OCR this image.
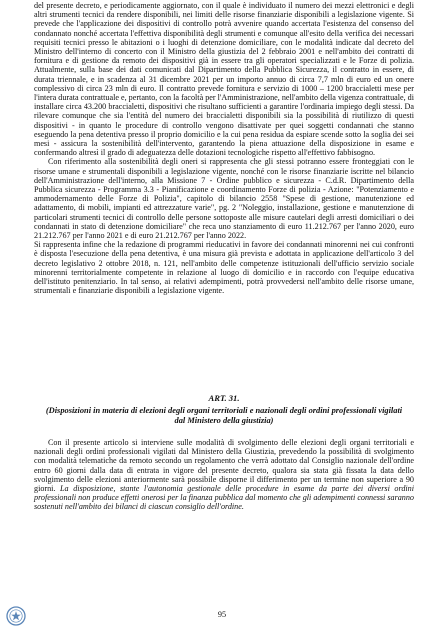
del presente decreto, e periodicamente aggiornato, con il quale è individuato il numero dei mezzi elettronici e degli altri strumenti tecnici da rendere disponibili, nei limiti delle risorse finanziarie disponibili a legislazione vigente. Si prevede che l'applicazione dei dispositivi di controllo potrà avvenire quando accertata l'esistenza del consenso del condannato nonché accertata l'effettiva disponibilità degli strumenti e comunque all'esito della verifica dei necessari requisiti tecnici presso le abitazioni o i luoghi di detenzione domiciliare, con le modalità indicate dal decreto del Ministro dell'interno di concerto con il Ministro della giustizia del 2 febbraio 2001 e nell'ambito dei contratti di fornitura e di gestione da remoto dei dispositivi già in essere tra gli operatori specializzati e le Forze di polizia. Attualmente, sulla base dei dati comunicati dal Dipartimento della Pubblica Sicurezza, il contratto in essere, di durata triennale, e in scadenza al 31 dicembre 2021 per un importo annuo di circa 7,7 mln di euro ed un onere complessivo di circa 23 mln di euro. Il contratto prevede fornitura e servizio di 1000 – 1200 braccialetti mese per l'intera durata contrattuale e, pertanto, con la facoltà per l'Amministrazione, nell'ambito della vigenza contrattuale, di installare circa 43.200 braccialetti, dispositivi che risultano sufficienti a garantire l'ordinaria impiego degli stessi. Da rilevare comunque che sia l'entità del numero dei braccialetti disponibili sia la possibilità di riutilizzo di questi dispositivi - in quanto le procedure di controllo vengono disattivate per quei soggetti condannati che stanno eseguendo la pena detentiva presso il proprio domicilio e la cui pena residua da espiare scende sotto la soglia dei sei mesi - assicura la sostenibilità dell'intervento, garantendo la piena attuazione della disposizione in esame e confermando altresì il grado di adeguatezza delle dotazioni tecnologiche rispetto all'effettivo fabbisogno.

Con riferimento alla sostenibilità degli oneri si rappresenta che gli stessi potranno essere fronteggiati con le risorse umane e strumentali disponibili a legislazione vigente, nonché con le risorse finanziarie iscritte nel bilancio dell'Amministrazione dell'interno, alla Missione 7 - Ordine pubblico e sicurezza - C.d.R. Dipartimento della Pubblica sicurezza - Programma 3.3 - Pianificazione e coordinamento Forze di polizia - Azione: "Potenziamento e ammodernamento delle Forze di Polizia", capitolo di bilancio 2558 "Spese di gestione, manutenzione ed adattamento, di mobili, impianti ed attrezzature varie", pg. 2 "Noleggio, installazione, gestione e manutenzione di particolari strumenti tecnici di controllo delle persone sottoposte alle misure cautelari degli arresti domiciliari o dei condannati in stato di detenzione domiciliare" che reca uno stanziamento di euro 11.212.767 per l'anno 2020, euro 21.212.767 per l'anno 2021 e di euro 21.212.767 per l'anno 2022.

Si rappresenta infine che la redazione di programmi rieducativi in favore dei condannati minorenni nei cui confronti è disposta l'esecuzione della pena detentiva, è una misura già prevista e adottata in applicazione dell'articolo 3 del decreto legislativo 2 ottobre 2018, n. 121, nell'ambito delle competenze istituzionali dell'ufficio servizio sociale minorenni territorialmente competente in relazione al luogo di domicilio e in raccordo con l'equipe educativa dell'istituto penitenziario. In tal senso, ai relativi adempimenti, potrà provvedersi nell'ambito delle risorse umane, strumentali e finanziarie disponibili a legislazione vigente.

ART. 31.

(Disposizioni in materia di elezioni degli organi territoriali e nazionali degli ordini professionali vigilati dal Ministero della giustizia)

Con il presente articolo si interviene sulle modalità di svolgimento delle elezioni degli organi territoriali e nazionali degli ordini professionali vigilati dal Ministero della Giustizia, prevedendo la possibilità di svolgimento con modalità telematiche da remoto secondo un regolamento che verrà adottato dal Consiglio nazionale dell'ordine entro 60 giorni dalla data di entrata in vigore del presente decreto, qualora sia stata già fissata la data dello svolgimento delle elezioni anteriormente sarà possibile disporne il differimento per un termine non superiore a 90 giorni. La disposizione, stante l'autonomia gestionale delle procedure in esame da parte dei diversi ordini professionali non produce effetti onerosi per la finanza pubblica dal momento che gli adempimenti connessi saranno sostenuti nell'ambito dei bilanci di ciascun consiglio dell'ordine.

95
